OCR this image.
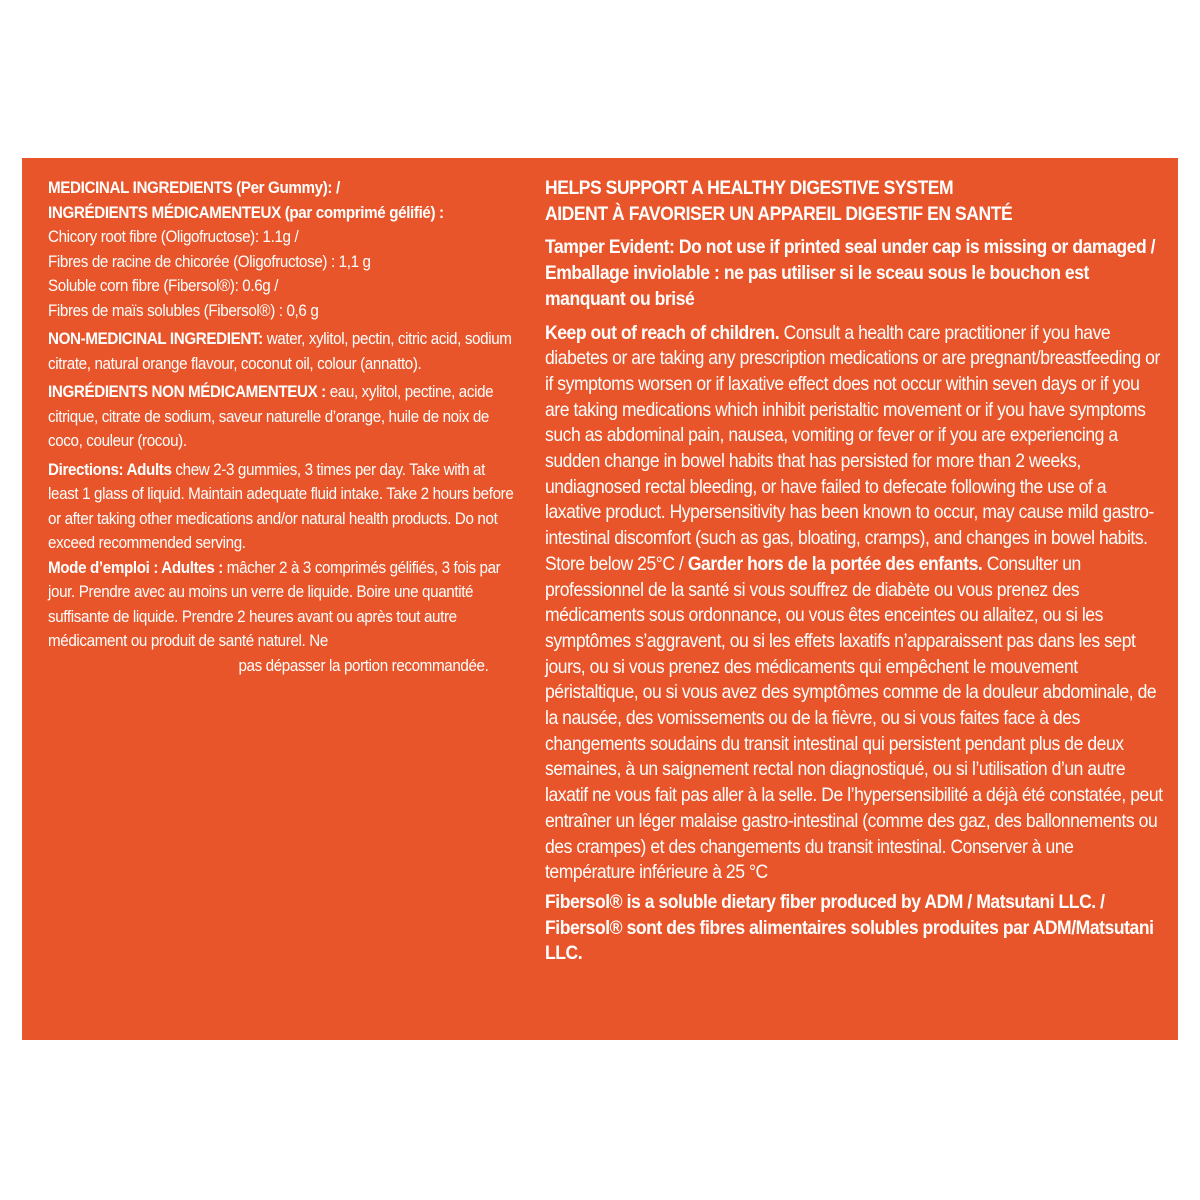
MEDICINAL INGREDIENTS (Per Gummy): /
INGRÉDIENTS MÉDICAMENTEUX (par comprimé gélifié) :
Chicory root fibre (Oligofructose): 1.1g /
Fibres de racine de chicorée (Oligofructose) : 1,1 g
Soluble corn fibre (Fibersol®): 0.6g /
Fibres de maïs solubles (Fibersol®) : 0,6 g

NON-MEDICINAL INGREDIENT: water, xylitol, pectin, citric acid, sodium citrate, natural orange flavour, coconut oil, colour (annatto).

INGRÉDIENTS NON MÉDICAMENTEUX : eau, xylitol, pectine, acide citrique, citrate de sodium, saveur naturelle d’orange, huile de noix de coco, couleur (rocou).

Directions: Adults chew 2-3 gummies, 3 times per day. Take with at least 1 glass of liquid. Maintain adequate fluid intake. Take 2 hours before or after taking other medications and/or natural health products. Do not exceed recommended serving.

Mode d’emploi : Adultes : mâcher 2 à 3 comprimés gélifiés, 3 fois par jour. Prendre avec au moins un verre de liquide. Boire une quantité suffisante de liquide. Prendre 2 heures avant ou après tout autre médicament ou produit de santé naturel. Ne

pas dépasser la portion recommandée.

HELPS SUPPORT A HEALTHY DIGESTIVE SYSTEM
AIDENT À FAVORISER UN APPAREIL DIGESTIF EN SANTÉ

Tamper Evident: Do not use if printed seal under cap is missing or damaged / Emballage inviolable : ne pas utiliser si le sceau sous le bouchon est manquant ou brisé

Keep out of reach of children. Consult a health care practitioner if you have diabetes or are taking any prescription medications or are pregnant/breastfeeding or if symptoms worsen or if laxative effect does not occur within seven days or if you are taking medications which inhibit peristaltic movement or if you have symptoms such as abdominal pain, nausea, vomiting or fever or if you are experiencing a sudden change in bowel habits that has persisted for more than 2 weeks, undiagnosed rectal bleeding, or have failed to defecate following the use of a laxative product. Hypersensitivity has been known to occur, may cause mild gastro-intestinal discomfort (such as gas, bloating, cramps), and changes in bowel habits. Store below 25°C / Garder hors de la portée des enfants. Consulter un professionnel de la santé si vous souffrez de diabète ou vous prenez des médicaments sous ordonnance, ou vous êtes enceintes ou allaitez, ou si les symptômes s’aggravent, ou si les effets laxatifs n’apparaissent pas dans les sept jours, ou si vous prenez des médicaments qui empêchent le mouvement péristaltique, ou si vous avez des symptômes comme de la douleur abdominale, de la nausée, des vomissements ou de la fièvre, ou si vous faites face à des changements soudains du transit intestinal qui persistent pendant plus de deux semaines, à un saignement rectal non diagnostiqué, ou si l’utilisation d’un autre laxatif ne vous fait pas aller à la selle. De l’hypersensibilité a déjà été constatée, peut entraîner un léger malaise gastro-intestinal (comme des gaz, des ballonnements ou des crampes) et des changements du transit intestinal. Conserver à une température inférieure à 25 °C

Fibersol® is a soluble dietary fiber produced by ADM / Matsutani LLC. / Fibersol® sont des fibres alimentaires solubles produites par ADM/Matsutani LLC.
